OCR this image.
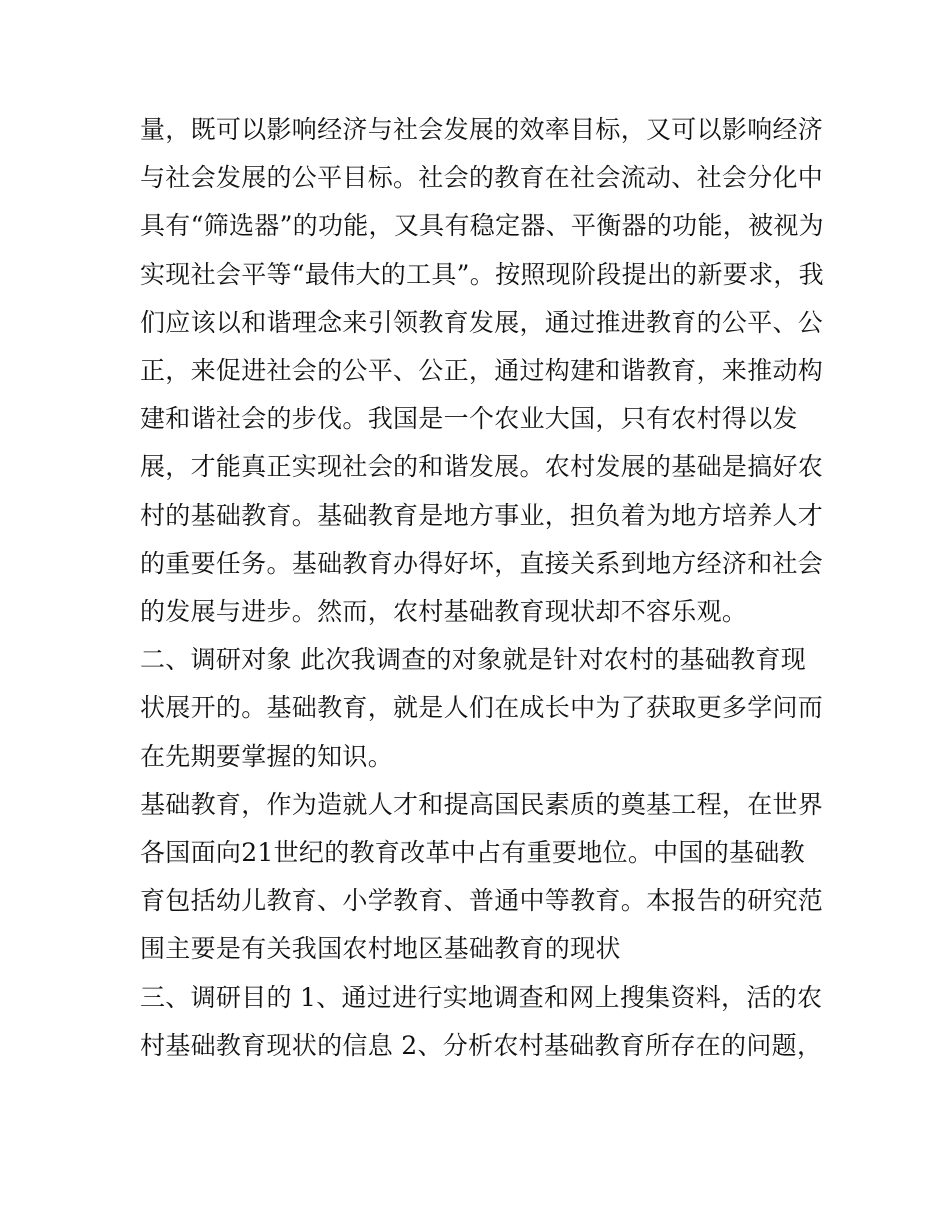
量，既可以影响经济与社会发展的效率目标，又可以影响经济
与社会发展的公平目标。社会的教育在社会流动、社会分化中
具有“筛选器”的功能，又具有稳定器、平衡器的功能，被视为
实现社会平等“最伟大的工具”。按照现阶段提出的新要求，我
们应该以和谐理念来引领教育发展，通过推进教育的公平、公
正，来促进社会的公平、公正，通过构建和谐教育，来推动构
建和谐社会的步伐。我国是一个农业大国，只有农村得以发
展，才能真正实现社会的和谐发展。农村发展的基础是搞好农
村的基础教育。基础教育是地方事业，担负着为地方培养人才
的重要任务。基础教育办得好坏，直接关系到地方经济和社会
的发展与进步。然而，农村基础教育现状却不容乐观。
二、调研对象 此次我调查的对象就是针对农村的基础教育现
状展开的。基础教育，就是人们在成长中为了获取更多学问而
在先期要掌握的知识。
基础教育，作为造就人才和提高国民素质的奠基工程，在世界
各国面向21世纪的教育改革中占有重要地位。中国的基础教
育包括幼儿教育、小学教育、普通中等教育。本报告的研究范
围主要是有关我国农村地区基础教育的现状
三、调研目的 1、通过进行实地调查和网上搜集资料，活的农
村基础教育现状的信息 2、分析农村基础教育所存在的问题，
